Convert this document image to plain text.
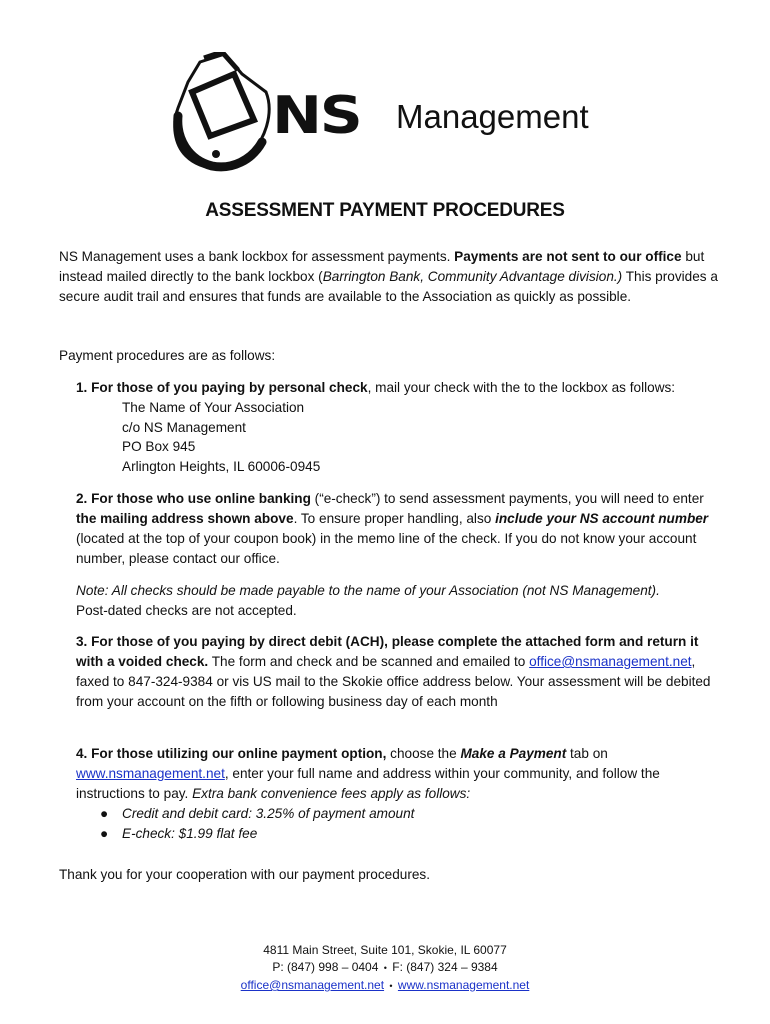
NS Management
ASSESSMENT PAYMENT PROCEDURES
NS Management uses a bank lockbox for assessment payments. Payments are not sent to our office but instead mailed directly to the bank lockbox (Barrington Bank, Community Advantage division.) This provides a secure audit trail and ensures that funds are available to the Association as quickly as possible.
Payment procedures are as follows:
1. For those of you paying by personal check, mail your check with the to the lockbox as follows:
The Name of Your Association
c/o NS Management
PO Box 945
Arlington Heights, IL 60006-0945
2. For those who use online banking (“e-check”) to send assessment payments, you will need to enter the mailing address shown above. To ensure proper handling, also include your NS account number (located at the top of your coupon book) in the memo line of the check. If you do not know your account number, please contact our office.
Note: All checks should be made payable to the name of your Association (not NS Management).
Post-dated checks are not accepted.
3. For those of you paying by direct debit (ACH), please complete the attached form and return it with a voided check. The form and check and be scanned and emailed to office@nsmanagement.net, faxed to 847-324-9384 or vis US mail to the Skokie office address below. Your assessment will be debited from your account on the fifth or following business day of each month
4. For those utilizing our online payment option, choose the Make a Payment tab on www.nsmanagement.net, enter your full name and address within your community, and follow the instructions to pay. Extra bank convenience fees apply as follows:
● Credit and debit card: 3.25% of payment amount
● E-check: $1.99 flat fee
Thank you for your cooperation with our payment procedures.
4811 Main Street, Suite 101, Skokie, IL 60077
P: (847) 998 – 0404 • F: (847) 324 – 9384
office@nsmanagement.net • www.nsmanagement.net
